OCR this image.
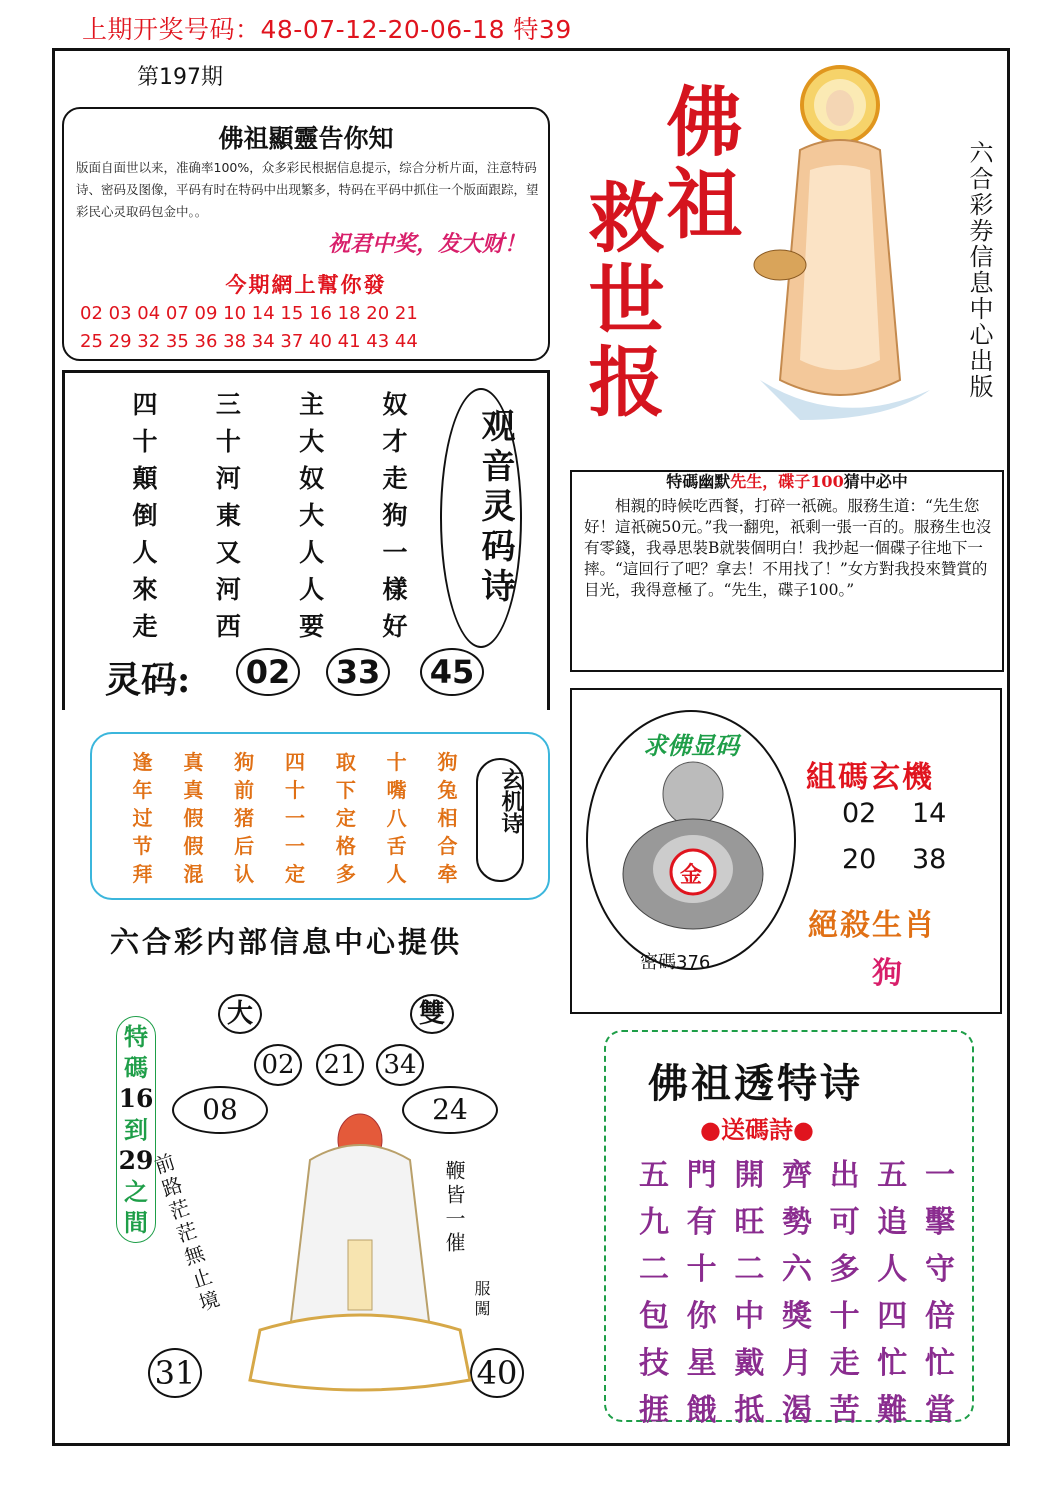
上期开奖号码：48-07-12-20-06-18 特39
第197期
佛祖顯靈告你知
版面自面世以来，准确率100%，众多彩民根据信息提示，综合分析片面，注意特码诗、密码及图像，平码有时在特码中出现繁多，特码在平码中抓住一个版面跟踪，望彩民心灵取码包金中。。
祝君中奖，发大财！
今期網上幫你發
02 03 04 07 09 10 14 15 16 18 20 21
25 29 32 35 36 38 34 37 40 41 43 44
佛祖
救世报	六合彩券信息中心出版
四	三	主	奴
十	十	大	才
顛	河	奴	走
倒	東	大	狗
人	又	人	一
來	河	人	樣
走	西	要	好
观音灵码诗
灵码:	02	33	45
特碼幽默先生，碟子100猜中必中
　　相親的時候吃西餐，打碎一祇碗。服務生道：“先生您好！這祇碗50元。”我一翻兜，祇剩一張一百的。服務生也沒有零錢，我尋思裝B就裝個明白！我抄起一個碟子往地下一摔。“這回行了吧？拿去！不用找了！”女方對我投來贊賞的目光，我得意極了。“先生，碟子100。”
逢	真	狗	四	取	十	狗
年	真	前	十	下	嘴	兔
过	假	猪	一	定	八	相
节	假	后	一	格	舌	合
拜	混	认	定	多	人	牵
玄机诗
六合彩内部信息中心提供
求佛显码
金
密碼376
組碼玄機
02 14
20 38
絕殺生肖
狗
大	雙
02 21 34
08	24
31	40
特
碼
16
到
29
之
間 前路茫茫無止境	鞭皆一催
服闖
佛祖透特诗
●送碼詩●
五 門 開 齊 出 五 一
九 有 旺 勢 可 追 擊
二 十 二 六 多 人 守
包 你 中 獎 十 四 倍
技 星 戴 月 走 忙 忙
捱 餓 抵 渴 苦 難 當
